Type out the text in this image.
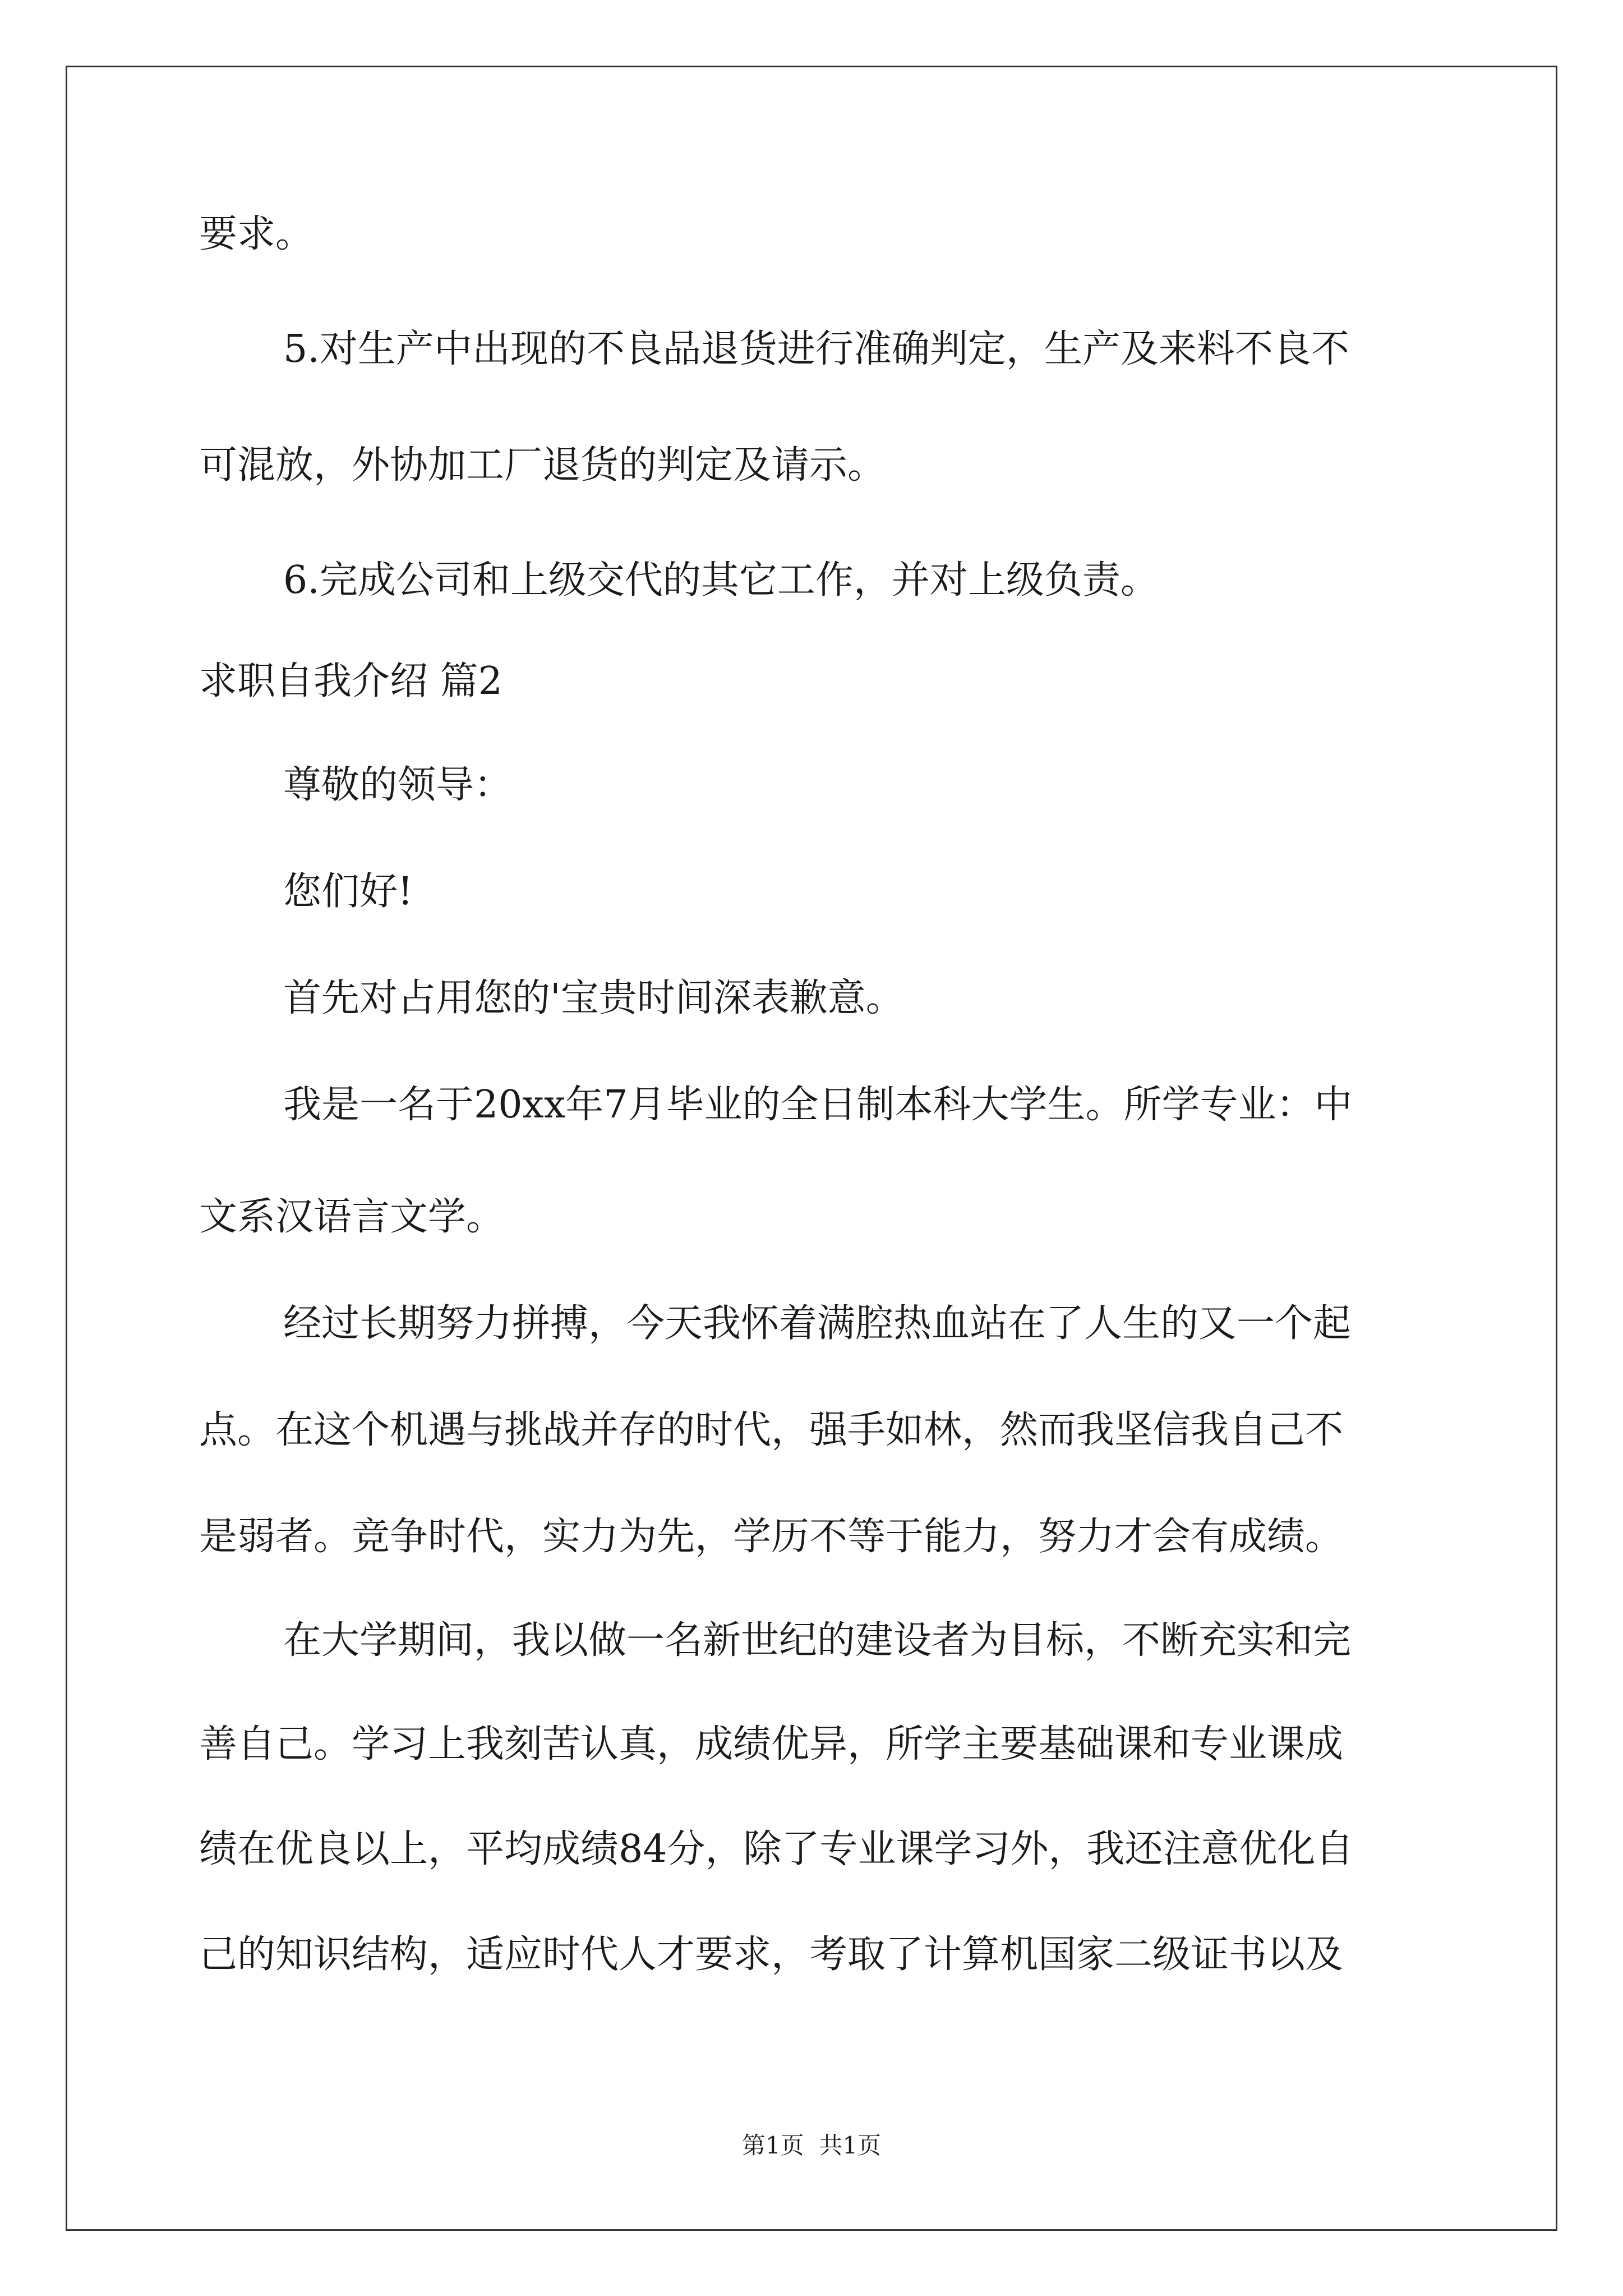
要求。
5.对生产中出现的不良品退货进行准确判定，生产及来料不良不
可混放，外协加工厂退货的判定及请示。
6.完成公司和上级交代的其它工作，并对上级负责。
求职自我介绍 篇2
尊敬的领导：
您们好!
首先对占用您的'宝贵时间深表歉意。
我是一名于20xx年7月毕业的全日制本科大学生。所学专业：中
文系汉语言文学。
经过长期努力拼搏，今天我怀着满腔热血站在了人生的又一个起
点。在这个机遇与挑战并存的时代，强手如林，然而我坚信我自己不
是弱者。竞争时代，实力为先，学历不等于能力，努力才会有成绩。
在大学期间，我以做一名新世纪的建设者为目标，不断充实和完
善自己。学习上我刻苦认真，成绩优异，所学主要基础课和专业课成
绩在优良以上，平均成绩84分，除了专业课学习外，我还注意优化自
己的知识结构，适应时代人才要求，考取了计算机国家二级证书以及
第1页  共1页
